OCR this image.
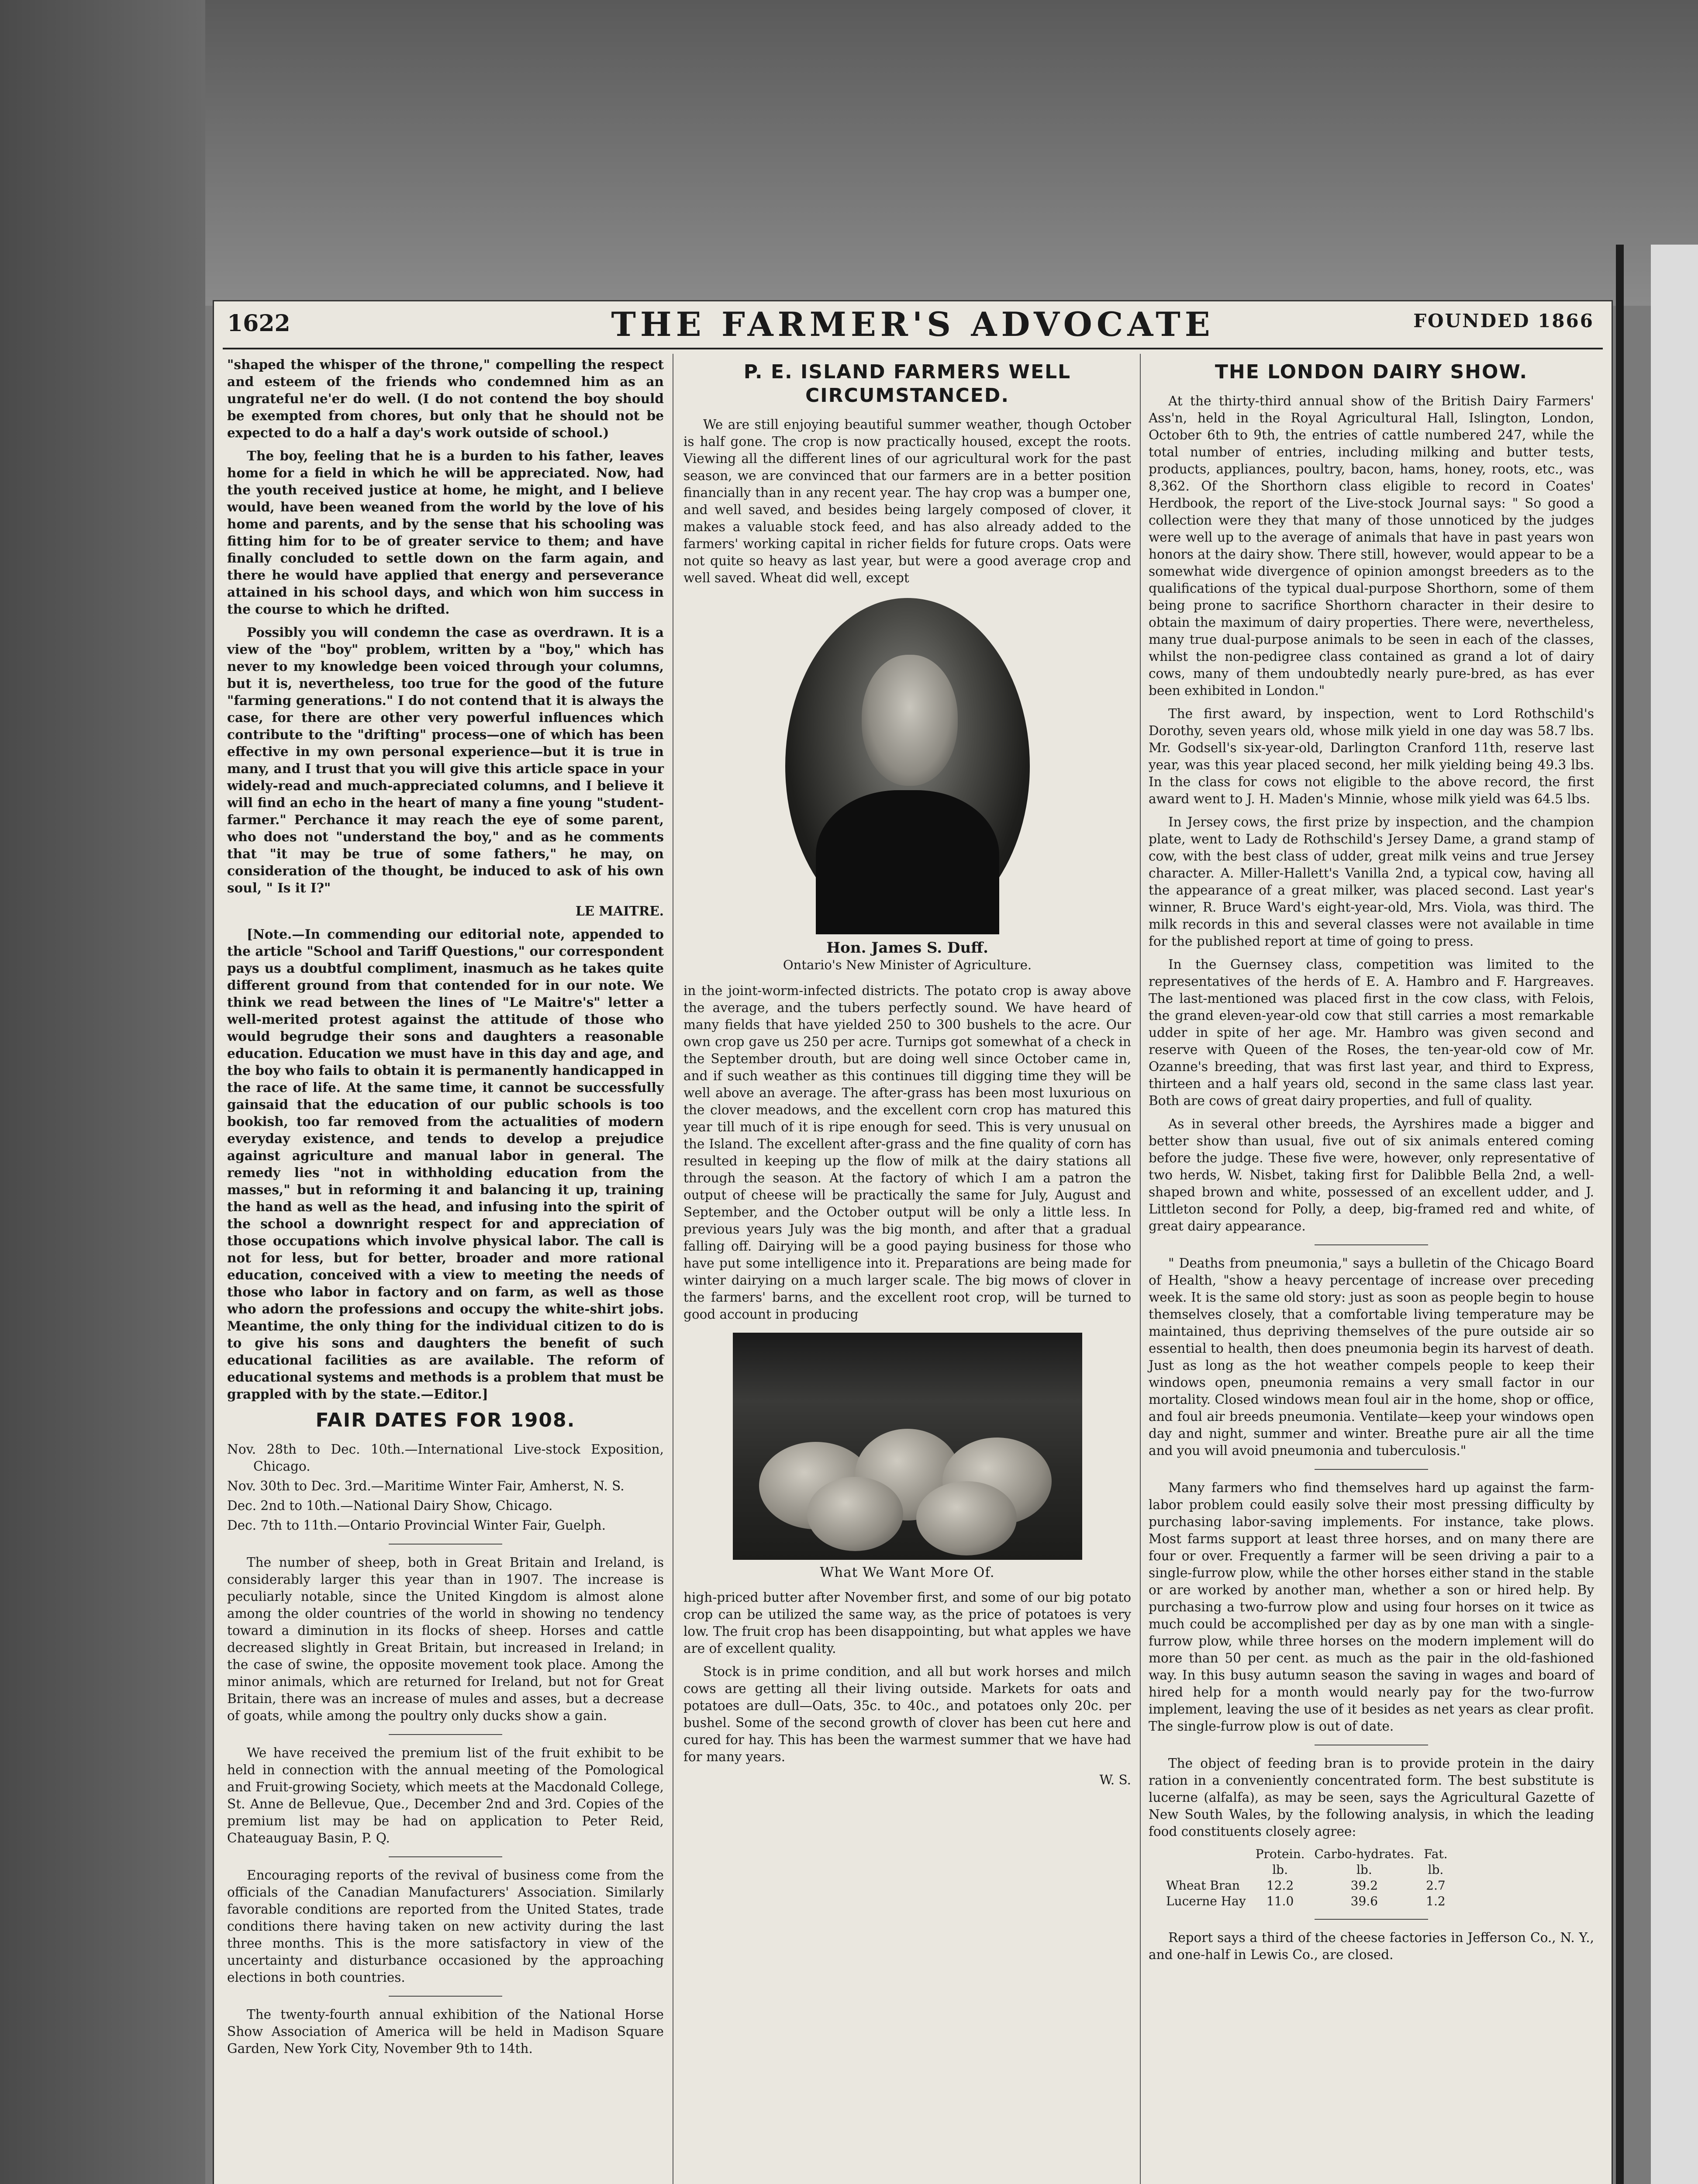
1622	THE FARMER'S ADVOCATE	FOUNDED 1866

"shaped the whisper of the throne," compelling the respect and esteem of the friends who condemned him as an ungrateful ne'er do well. (I do not contend the boy should be exempted from chores, but only that he should not be expected to do a half a day's work outside of school.)

The boy, feeling that he is a burden to his father, leaves home for a field in which he will be appreciated. Now, had the youth received justice at home, he might, and I believe would, have been weaned from the world by the love of his home and parents, and by the sense that his schooling was fitting him for to be of greater service to them; and have finally concluded to settle down on the farm again, and there he would have applied that energy and perseverance attained in his school days, and which won him success in the course to which he drifted.

Possibly you will condemn the case as overdrawn. It is a view of the "boy" problem, written by a "boy," which has never to my knowledge been voiced through your columns, but it is, nevertheless, too true for the good of the future "farming generations." I do not contend that it is always the case, for there are other very powerful influences which contribute to the "drifting" process—one of which has been effective in my own personal experience—but it is true in many, and I trust that you will give this article space in your widely-read and much-appreciated columns, and I believe it will find an echo in the heart of many a fine young "student-farmer." Perchance it may reach the eye of some parent, who does not "understand the boy," and as he comments that "it may be true of some fathers," he may, on consideration of the thought, be induced to ask of his own soul, " Is it I?"

LE MAITRE.

[Note.—In commending our editorial note, appended to the article "School and Tariff Questions," our correspondent pays us a doubtful compliment, inasmuch as he takes quite different ground from that contended for in our note. We think we read between the lines of "Le Maitre's" letter a well-merited protest against the attitude of those who would begrudge their sons and daughters a reasonable education. Education we must have in this day and age, and the boy who fails to obtain it is permanently handicapped in the race of life. At the same time, it cannot be successfully gainsaid that the education of our public schools is too bookish, too far removed from the actualities of modern everyday existence, and tends to develop a prejudice against agriculture and manual labor in general. The remedy lies "not in withholding education from the masses," but in reforming it and balancing it up, training the hand as well as the head, and infusing into the spirit of the school a downright respect for and appreciation of those occupations which involve physical labor. The call is not for less, but for better, broader and more rational education, conceived with a view to meeting the needs of those who labor in factory and on farm, as well as those who adorn the professions and occupy the white-shirt jobs. Meantime, the only thing for the individual citizen to do is to give his sons and daughters the benefit of such educational facilities as are available. The reform of educational systems and methods is a problem that must be grappled with by the state.—Editor.]

FAIR DATES FOR 1908.
Nov. 28th to Dec. 10th.—International Live-stock Exposition, Chicago.
Nov. 30th to Dec. 3rd.—Maritime Winter Fair, Amherst, N. S.
Dec. 2nd to 10th.—National Dairy Show, Chicago.
Dec. 7th to 11th.—Ontario Provincial Winter Fair, Guelph.

The number of sheep, both in Great Britain and Ireland, is considerably larger this year than in 1907. The increase is peculiarly notable, since the United Kingdom is almost alone among the older countries of the world in showing no tendency toward a diminution in its flocks of sheep. Horses and cattle decreased slightly in Great Britain, but increased in Ireland; in the case of swine, the opposite movement took place. Among the minor animals, which are returned for Ireland, but not for Great Britain, there was an increase of mules and asses, but a decrease of goats, while among the poultry only ducks show a gain.

We have received the premium list of the fruit exhibit to be held in connection with the annual meeting of the Pomological and Fruit-growing Society, which meets at the Macdonald College, St. Anne de Bellevue, Que., December 2nd and 3rd. Copies of the premium list may be had on application to Peter Reid, Chateauguay Basin, P. Q.

Encouraging reports of the revival of business come from the officials of the Canadian Manufacturers' Association. Similarly favorable conditions are reported from the United States, trade conditions there having taken on new activity during the last three months. This is the more satisfactory in view of the uncertainty and disturbance occasioned by the approaching elections in both countries.

The twenty-fourth annual exhibition of the National Horse Show Association of America will be held in Madison Square Garden, New York City, November 9th to 14th.

P. E. ISLAND FARMERS WELL CIRCUMSTANCED.

We are still enjoying beautiful summer weather, though October is half gone. The crop is now practically housed, except the roots. Viewing all the different lines of our agricultural work for the past season, we are convinced that our farmers are in a better position financially than in any recent year. The hay crop was a bumper one, and well saved, and besides being largely composed of clover, it makes a valuable stock feed, and has also already added to the farmers' working capital in richer fields for future crops. Oats were not quite so heavy as last year, but were a good average crop and well saved. Wheat did well, except

Hon. James S. Duff.
Ontario's New Minister of Agriculture.

in the joint-worm-infected districts. The potato crop is away above the average, and the tubers perfectly sound. We have heard of many fields that have yielded 250 to 300 bushels to the acre. Our own crop gave us 250 per acre. Turnips got somewhat of a check in the September drouth, but are doing well since October came in, and if such weather as this continues till digging time they will be well above an average. The after-grass has been most luxurious on the clover meadows, and the excellent corn crop has matured this year till much of it is ripe enough for seed. This is very unusual on the Island. The excellent after-grass and the fine quality of corn has resulted in keeping up the flow of milk at the dairy stations all through the season. At the factory of which I am a patron the output of cheese will be practically the same for July, August and September, and the October output will be only a little less. In previous years July was the big month, and after that a gradual falling off. Dairying will be a good paying business for those who have put some intelligence into it. Preparations are being made for winter dairying on a much larger scale. The big mows of clover in the farmers' barns, and the excellent root crop, will be turned to good account in producing

What We Want More Of.

high-priced butter after November first, and some of our big potato crop can be utilized the same way, as the price of potatoes is very low. The fruit crop has been disappointing, but what apples we have are of excellent quality.

Stock is in prime condition, and all but work horses and milch cows are getting all their living outside. Markets for oats and potatoes are dull—Oats, 35c. to 40c., and potatoes only 20c. per bushel. Some of the second growth of clover has been cut here and cured for hay. This has been the warmest summer that we have had for many years.

W. S.

THE LONDON DAIRY SHOW.

At the thirty-third annual show of the British Dairy Farmers' Ass'n, held in the Royal Agricultural Hall, Islington, London, October 6th to 9th, the entries of cattle numbered 247, while the total number of entries, including milking and butter tests, products, appliances, poultry, bacon, hams, honey, roots, etc., was 8,362. Of the Shorthorn class eligible to record in Coates' Herdbook, the report of the Live-stock Journal says: " So good a collection were they that many of those unnoticed by the judges were well up to the average of animals that have in past years won honors at the dairy show. There still, however, would appear to be a somewhat wide divergence of opinion amongst breeders as to the qualifications of the typical dual-purpose Shorthorn, some of them being prone to sacrifice Shorthorn character in their desire to obtain the maximum of dairy properties. There were, nevertheless, many true dual-purpose animals to be seen in each of the classes, whilst the non-pedigree class contained as grand a lot of dairy cows, many of them undoubtedly nearly pure-bred, as has ever been exhibited in London."

The first award, by inspection, went to Lord Rothschild's Dorothy, seven years old, whose milk yield in one day was 58.7 lbs. Mr. Godsell's six-year-old, Darlington Cranford 11th, reserve last year, was this year placed second, her milk yielding being 49.3 lbs. In the class for cows not eligible to the above record, the first award went to J. H. Maden's Minnie, whose milk yield was 64.5 lbs.

In Jersey cows, the first prize by inspection, and the champion plate, went to Lady de Rothschild's Jersey Dame, a grand stamp of cow, with the best class of udder, great milk veins and true Jersey character. A. Miller-Hallett's Vanilla 2nd, a typical cow, having all the appearance of a great milker, was placed second. Last year's winner, R. Bruce Ward's eight-year-old, Mrs. Viola, was third. The milk records in this and several classes were not available in time for the published report at time of going to press.

In the Guernsey class, competition was limited to the representatives of the herds of E. A. Hambro and F. Hargreaves. The last-mentioned was placed first in the cow class, with Felois, the grand eleven-year-old cow that still carries a most remarkable udder in spite of her age. Mr. Hambro was given second and reserve with Queen of the Roses, the ten-year-old cow of Mr. Ozanne's breeding, that was first last year, and third to Express, thirteen and a half years old, second in the same class last year. Both are cows of great dairy properties, and full of quality.

As in several other breeds, the Ayrshires made a bigger and better show than usual, five out of six animals entered coming before the judge. These five were, however, only representative of two herds, W. Nisbet, taking first for Dalibble Bella 2nd, a well-shaped brown and white, possessed of an excellent udder, and J. Littleton second for Polly, a deep, big-framed red and white, of great dairy appearance.

" Deaths from pneumonia," says a bulletin of the Chicago Board of Health, "show a heavy percentage of increase over preceding week. It is the same old story: just as soon as people begin to house themselves closely, that a comfortable living temperature may be maintained, thus depriving themselves of the pure outside air so essential to health, then does pneumonia begin its harvest of death. Just as long as the hot weather compels people to keep their windows open, pneumonia remains a very small factor in our mortality. Closed windows mean foul air in the home, shop or office, and foul air breeds pneumonia. Ventilate—keep your windows open day and night, summer and winter. Breathe pure air all the time and you will avoid pneumonia and tuberculosis."

Many farmers who find themselves hard up against the farm-labor problem could easily solve their most pressing difficulty by purchasing labor-saving implements. For instance, take plows. Most farms support at least three horses, and on many there are four or over. Frequently a farmer will be seen driving a pair to a single-furrow plow, while the other horses either stand in the stable or are worked by another man, whether a son or hired help. By purchasing a two-furrow plow and using four horses on it twice as much could be accomplished per day as by one man with a single-furrow plow, while three horses on the modern implement will do more than 50 per cent. as much as the pair in the old-fashioned way. In this busy autumn season the saving in wages and board of hired help for a month would nearly pay for the two-furrow implement, leaving the use of it besides as net years as clear profit. The single-furrow plow is out of date.

The object of feeding bran is to provide protein in the dairy ration in a conveniently concentrated form. The best substitute is lucerne (alfalfa), as may be seen, says the Agricultural Gazette of New South Wales, by the following analysis, in which the leading food constituents closely agree:

	Protein.	Carbo-hydrates.	Fat.
	lb.	lb.	lb.
Wheat Bran	12.2	39.2	2.7
Lucerne Hay	11.0	39.6	1.2

Report says a third of the cheese factories in Jefferson Co., N. Y., and one-half in Lewis Co., are closed.
